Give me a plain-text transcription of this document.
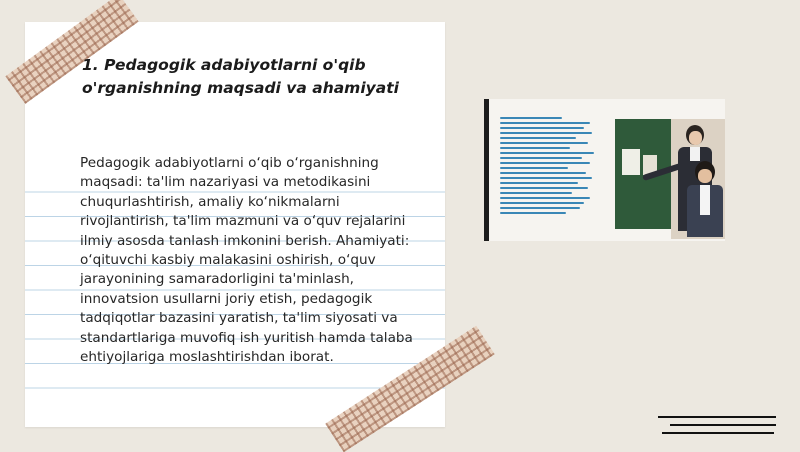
1. Pedagogik adabiyotlarni o'qib o'rganishning maqsadi va ahamiyati

Pedagogik adabiyotlarni o‘qib o‘rganishning maqsadi: ta'lim nazariyasi va metodikasini chuqurlashtirish, amaliy ko‘nikmalarni rivojlantirish, ta'lim mazmuni va o‘quv rejalarini ilmiy asosda tanlash imkonini berish. Ahamiyati: o‘qituvchi kasbiy malakasini oshirish, o‘quv jarayonining samaradorligini ta'minlash, innovatsion usullarni joriy etish, pedagogik tadqiqotlar bazasini yaratish, ta'lim siyosati va standartlariga muvofiq ish yuritish hamda talaba ehtiyojlariga moslashtirishdan iborat.
